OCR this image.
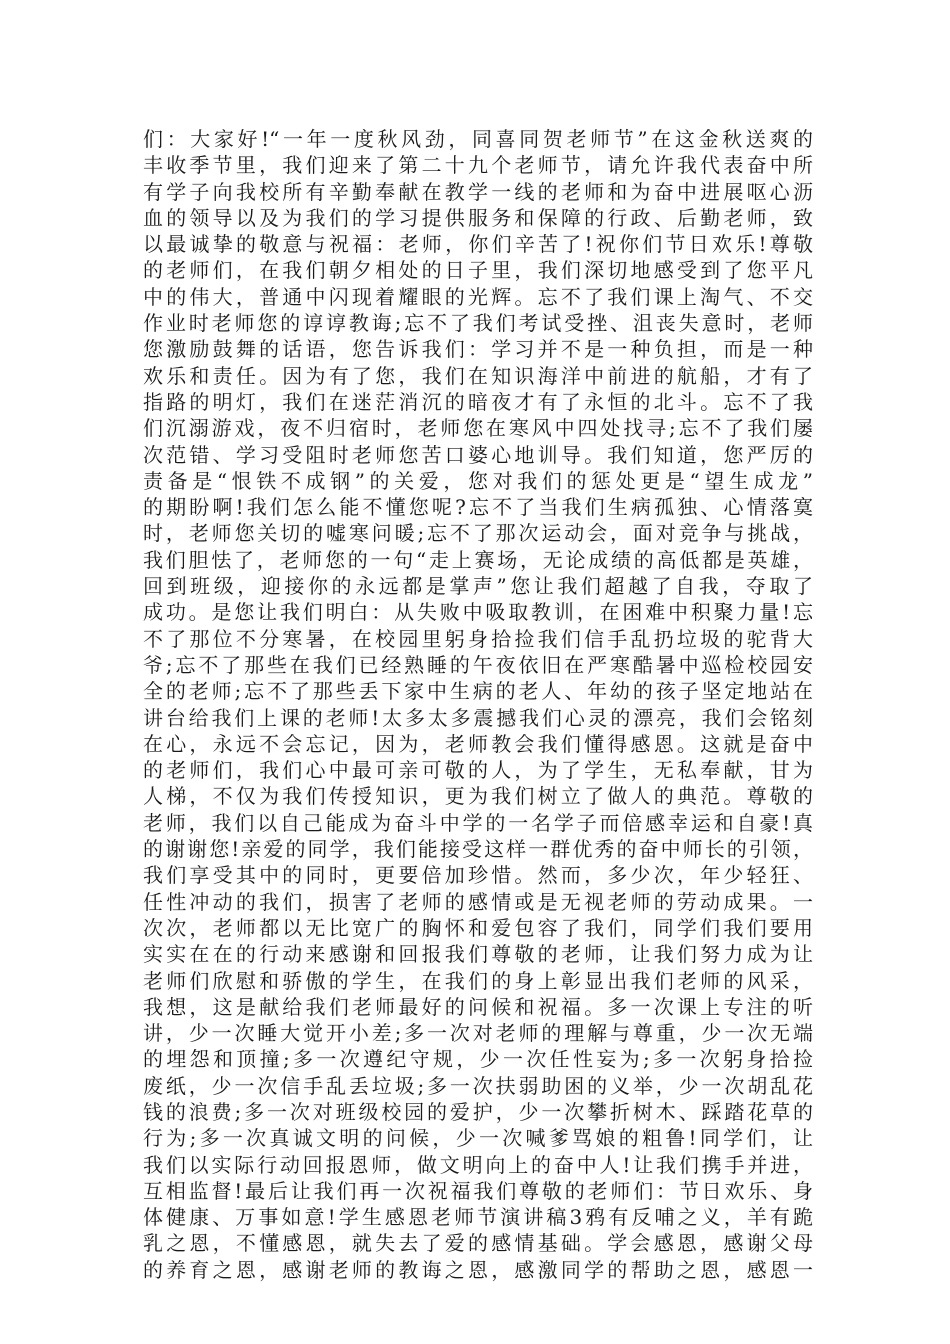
们：大家好!“一年一度秋风劲，同喜同贺老师节”在这金秋送爽的
丰收季节里，我们迎来了第二十九个老师节，请允许我代表奋中所
有学子向我校所有辛勤奉献在教学一线的老师和为奋中进展呕心沥
血的领导以及为我们的学习提供服务和保障的行政、后勤老师，致
以最诚挚的敬意与祝福：老师，你们辛苦了!祝你们节日欢乐!尊敬
的老师们，在我们朝夕相处的日子里，我们深切地感受到了您平凡
中的伟大，普通中闪现着耀眼的光辉。忘不了我们课上淘气、不交
作业时老师您的谆谆教诲;忘不了我们考试受挫、沮丧失意时，老师
您激励鼓舞的话语，您告诉我们：学习并不是一种负担，而是一种
欢乐和责任。因为有了您，我们在知识海洋中前进的航船，才有了
指路的明灯，我们在迷茫消沉的暗夜才有了永恒的北斗。忘不了我
们沉溺游戏，夜不归宿时，老师您在寒风中四处找寻;忘不了我们屡
次范错、学习受阻时老师您苦口婆心地训导。我们知道，您严厉的
责备是“恨铁不成钢”的关爱，您对我们的惩处更是“望生成龙”
的期盼啊!我们怎么能不懂您呢?忘不了当我们生病孤独、心情落寞
时，老师您关切的嘘寒问暖;忘不了那次运动会，面对竞争与挑战，
我们胆怯了，老师您的一句“走上赛场，无论成绩的高低都是英雄，
回到班级，迎接你的永远都是掌声”您让我们超越了自我，夺取了
成功。是您让我们明白：从失败中吸取教训，在困难中积聚力量!忘
不了那位不分寒暑，在校园里躬身拾捡我们信手乱扔垃圾的驼背大
爷;忘不了那些在我们已经熟睡的午夜依旧在严寒酷暑中巡检校园安
全的老师;忘不了那些丢下家中生病的老人、年幼的孩子坚定地站在
讲台给我们上课的老师!太多太多震撼我们心灵的漂亮，我们会铭刻
在心，永远不会忘记，因为，老师教会我们懂得感恩。这就是奋中
的老师们，我们心中最可亲可敬的人，为了学生，无私奉献，甘为
人梯，不仅为我们传授知识，更为我们树立了做人的典范。尊敬的
老师，我们以自己能成为奋斗中学的一名学子而倍感幸运和自豪!真
的谢谢您!亲爱的同学，我们能接受这样一群优秀的奋中师长的引领，
我们享受其中的同时，更要倍加珍惜。然而，多少次，年少轻狂、
任性冲动的我们，损害了老师的感情或是无视老师的劳动成果。一
次次，老师都以无比宽广的胸怀和爱包容了我们，同学们我们要用
实实在在的行动来感谢和回报我们尊敬的老师，让我们努力成为让
老师们欣慰和骄傲的学生，在我们的身上彰显出我们老师的风采，
我想，这是献给我们老师最好的问候和祝福。多一次课上专注的听
讲，少一次睡大觉开小差;多一次对老师的理解与尊重，少一次无端
的埋怨和顶撞;多一次遵纪守规，少一次任性妄为;多一次躬身拾捡
废纸，少一次信手乱丢垃圾;多一次扶弱助困的义举，少一次胡乱花
钱的浪费;多一次对班级校园的爱护，少一次攀折树木、踩踏花草的
行为;多一次真诚文明的问候，少一次喊爹骂娘的粗鲁!同学们，让
我们以实际行动回报恩师，做文明向上的奋中人!让我们携手并进，
互相监督!最后让我们再一次祝福我们尊敬的老师们：节日欢乐、身
体健康、万事如意!学生感恩老师节演讲稿3鸦有反哺之义，羊有跪
乳之恩，不懂感恩，就失去了爱的感情基础。学会感恩，感谢父母
的养育之恩，感谢老师的教诲之恩，感激同学的帮助之恩，感恩一
